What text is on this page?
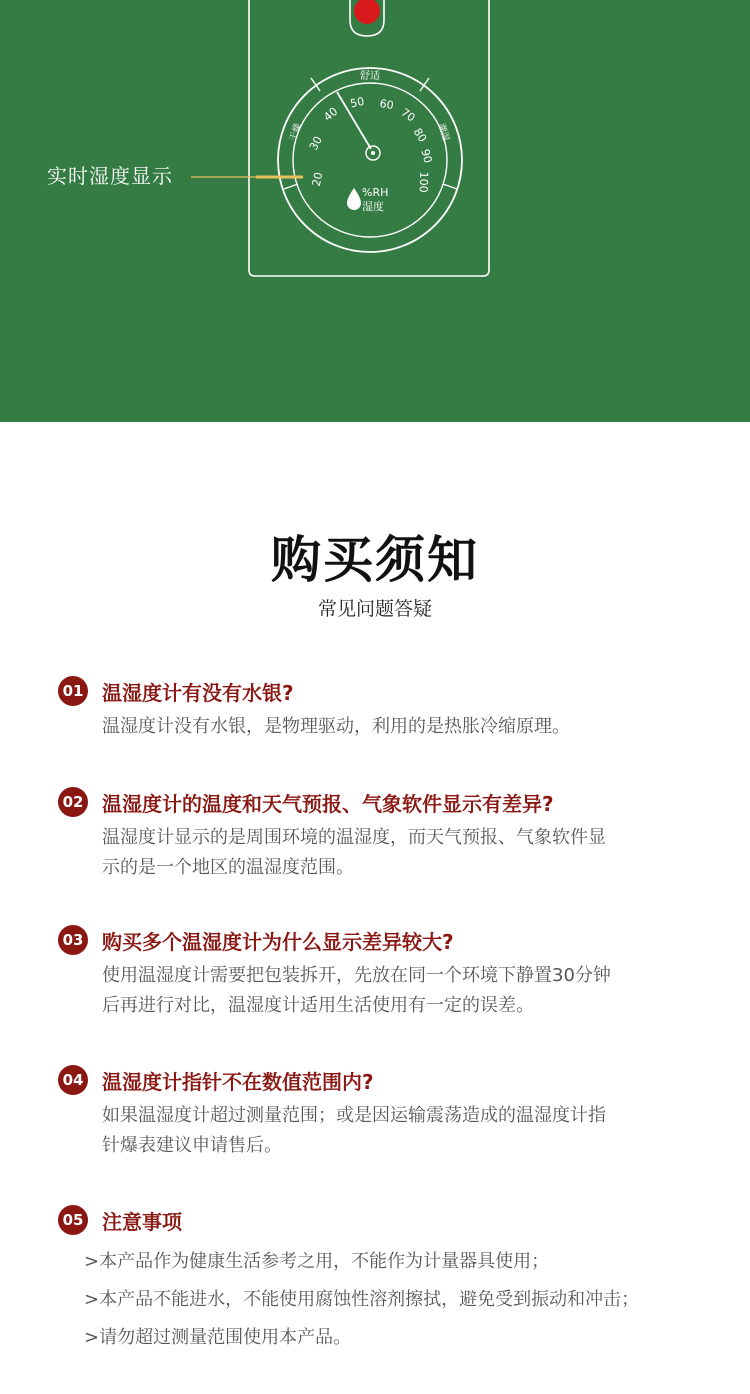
舒适
干燥	潮湿
20
30
40
50 60
70
80
90
100
%RH
湿度
实时湿度显示
购买须知
常见问题答疑
01 温湿度计有没有水银?
温湿度计没有水银，是物理驱动，利用的是热胀冷缩原理。
02 温湿度计的温度和天气预报、气象软件显示有差异?
温湿度计显示的是周围环境的温湿度，而天气预报、气象软件显
示的是一个地区的温湿度范围。
03 购买多个温湿度计为什么显示差异较大?
使用温湿度计需要把包装拆开，先放在同一个环境下静置30分钟
后再进行对比，温湿度计适用生活使用有一定的误差。
04 温湿度计指针不在数值范围内?
如果温湿度计超过测量范围；或是因运输震荡造成的温湿度计指
针爆表建议申请售后。
05 注意事项
>本产品作为健康生活参考之用，不能作为计量器具使用；
>本产品不能进水，不能使用腐蚀性溶剂擦拭，避免受到振动和冲击；
>请勿超过测量范围使用本产品。
